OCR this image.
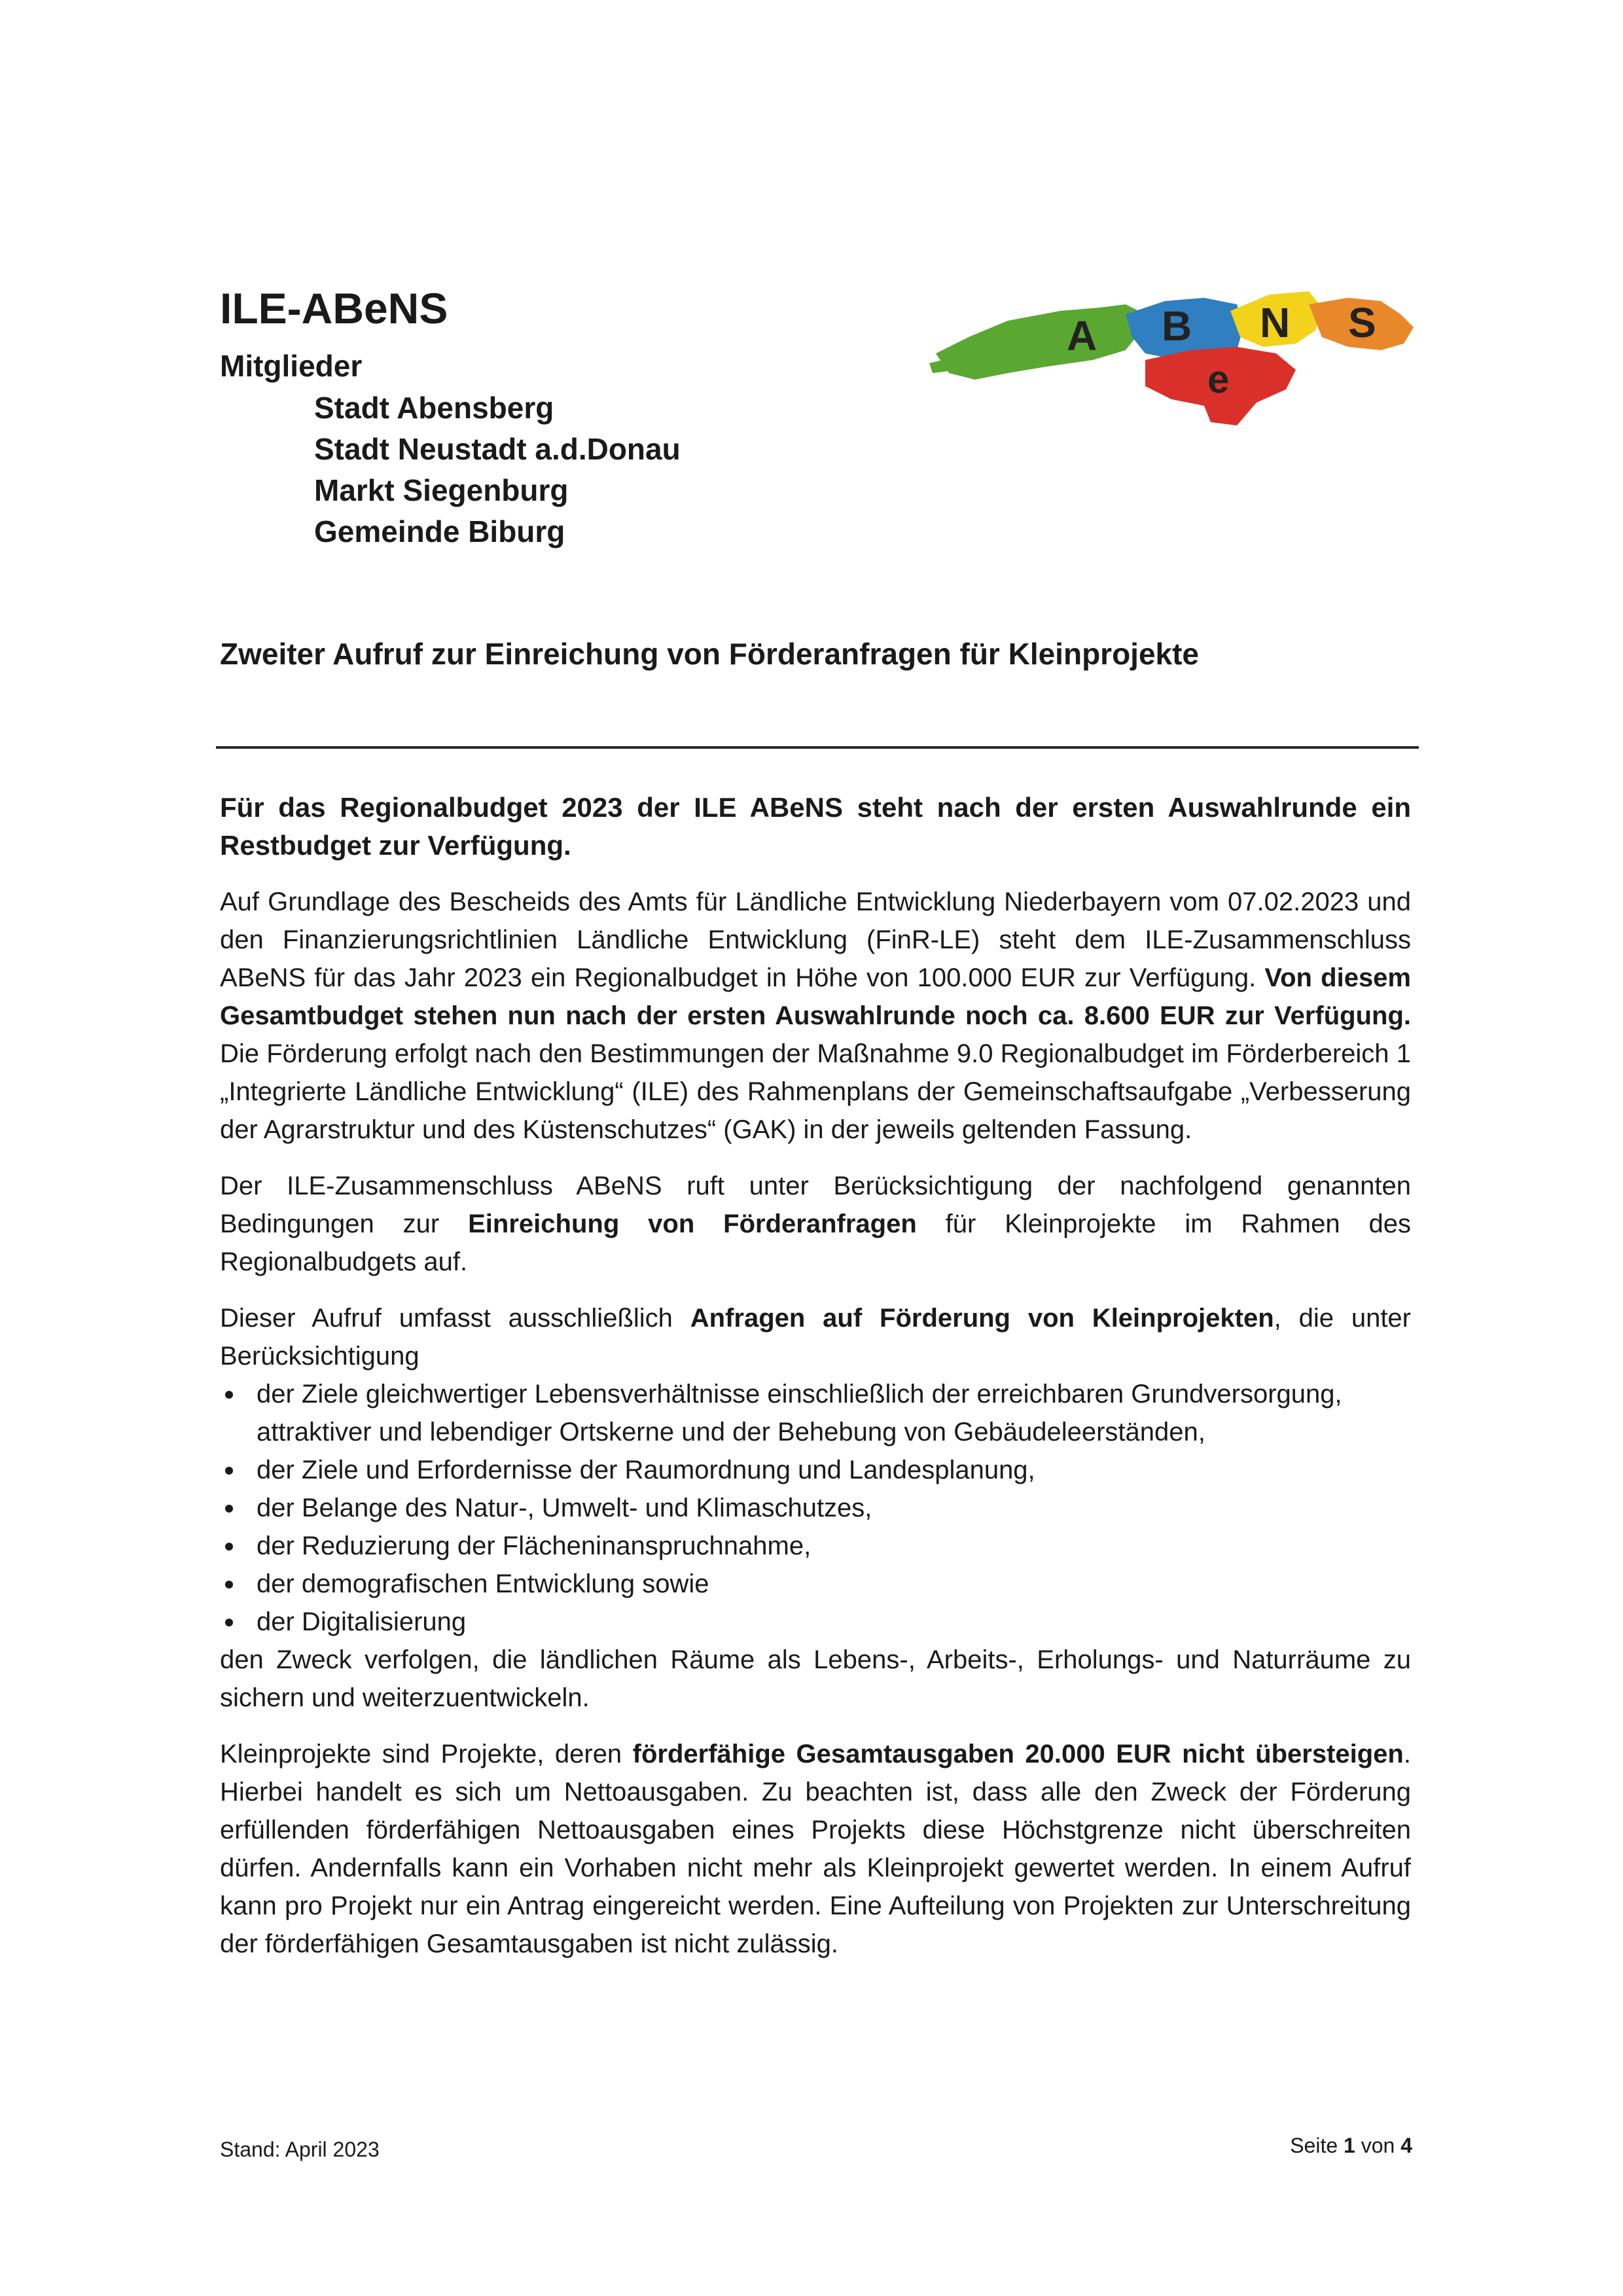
ILE-ABeNS
Mitglieder
Stadt Abensberg
Stadt Neustadt a.d.Donau
Markt Siegenburg
Gemeinde Biburg
A B N S
e
Zweiter Aufruf zur Einreichung von Förderanfragen für Kleinprojekte

Für das Regionalbudget 2023 der ILE ABeNS steht nach der ersten Auswahlrunde ein Restbudget zur Verfügung.

Auf Grundlage des Bescheids des Amts für Ländliche Entwicklung Niederbayern vom 07.02.2023 und den Finanzierungsrichtlinien Ländliche Entwicklung (FinR-LE) steht dem ILE-Zusammenschluss ABeNS für das Jahr 2023 ein Regionalbudget in Höhe von 100.000 EUR zur Verfügung. Von diesem Gesamtbudget stehen nun nach der ersten Auswahlrunde noch ca. 8.600 EUR zur Verfügung. Die Förderung erfolgt nach den Bestimmungen der Maßnahme 9.0 Regionalbudget im Förderbereich 1 „Integrierte Ländliche Entwicklung“ (ILE) des Rahmenplans der Gemeinschaftsaufgabe „Verbesserung der Agrarstruktur und des Küstenschutzes“ (GAK) in der jeweils geltenden Fassung.

Der ILE-Zusammenschluss ABeNS ruft unter Berücksichtigung der nachfolgend genannten Bedingungen zur Einreichung von Förderanfragen für Kleinprojekte im Rahmen des Regionalbudgets auf.

Dieser Aufruf umfasst ausschließlich Anfragen auf Förderung von Kleinprojekten, die unter Berücksichtigung

der Ziele gleichwertiger Lebensverhältnisse einschließlich der erreichbaren Grundversorgung, attraktiver und lebendiger Ortskerne und der Behebung von Gebäudeleerständen,
der Ziele und Erfordernisse der Raumordnung und Landesplanung,
der Belange des Natur-, Umwelt- und Klimaschutzes,
der Reduzierung der Flächeninanspruchnahme,
der demografischen Entwicklung sowie
der Digitalisierung

den Zweck verfolgen, die ländlichen Räume als Lebens-, Arbeits-, Erholungs- und Naturräume zu sichern und weiterzuentwickeln.

Kleinprojekte sind Projekte, deren förderfähige Gesamtausgaben 20.000 EUR nicht übersteigen. Hierbei handelt es sich um Nettoausgaben. Zu beachten ist, dass alle den Zweck der Förderung erfüllenden förderfähigen Nettoausgaben eines Projekts diese Höchstgrenze nicht überschreiten dürfen. Andernfalls kann ein Vorhaben nicht mehr als Kleinprojekt gewertet werden. In einem Aufruf kann pro Projekt nur ein Antrag eingereicht werden. Eine Aufteilung von Projekten zur Unterschreitung der förderfähigen Gesamtausgaben ist nicht zulässig.

Stand: April 2023	Seite 1 von 4
